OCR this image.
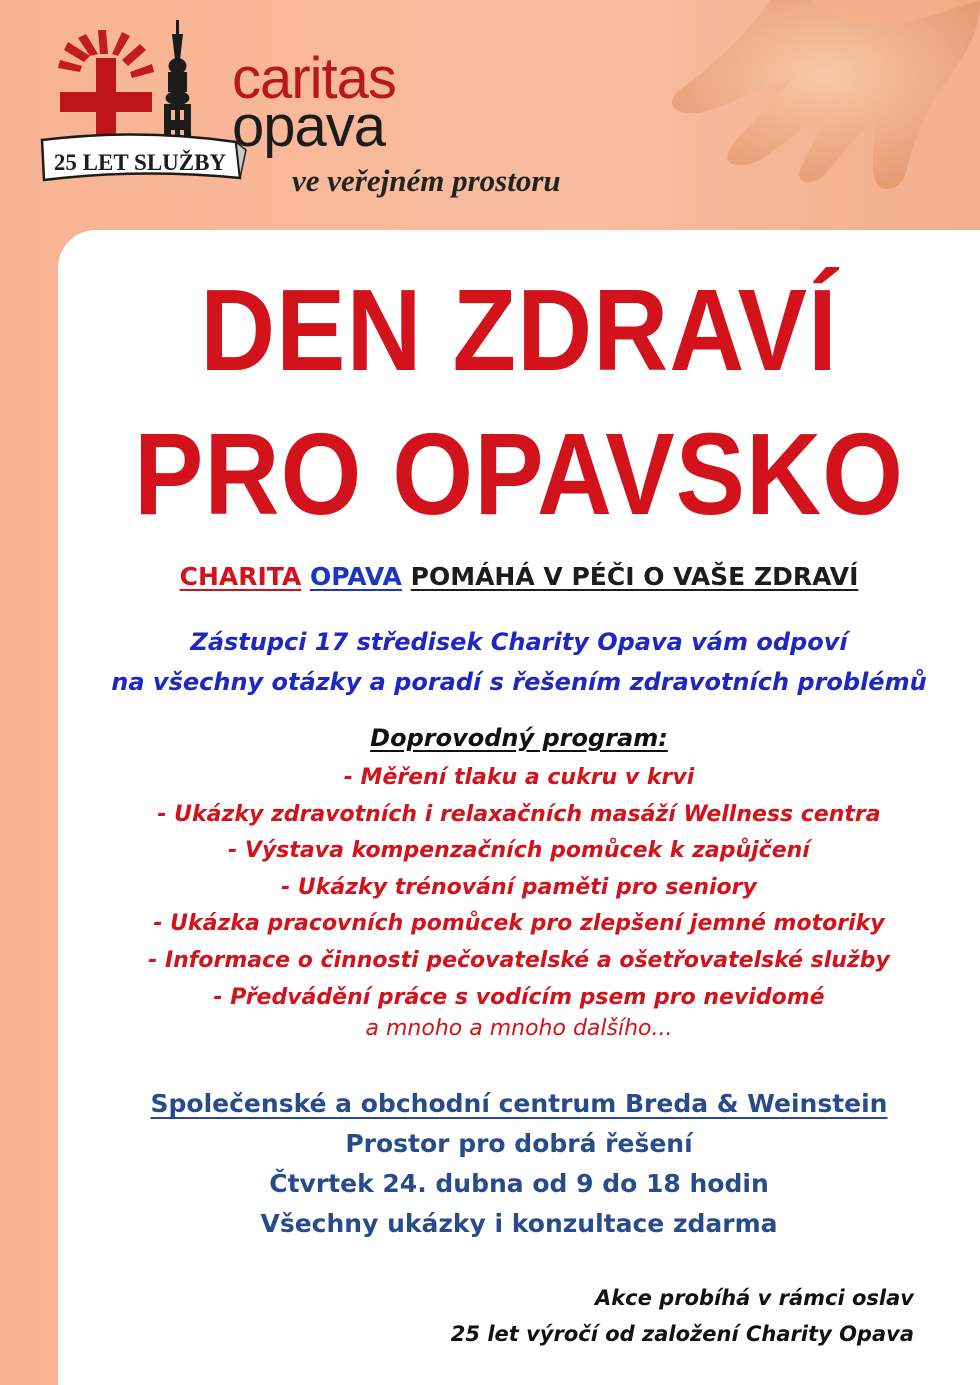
25 LET SLUŽBY
caritas
opava
ve veřejném prostoru
DEN ZDRAVÍ
PRO OPAVSKO
CHARITA OPAVA POMÁHÁ V PÉČI O VAŠE ZDRAVÍ
Zástupci 17 středisek Charity Opava vám odpoví
na všechny otázky a poradí s řešením zdravotních problémů
Doprovodný program:
- Měření tlaku a cukru v krvi
- Ukázky zdravotních i relaxačních masáží Wellness centra
- Výstava kompenzačních pomůcek k zapůjčení
- Ukázky trénování paměti pro seniory
- Ukázka pracovních pomůcek pro zlepšení jemné motoriky
- Informace o činnosti pečovatelské a ošetřovatelské služby
- Předvádění práce s vodícím psem pro nevidomé
a mnoho a mnoho dalšího...
Společenské a obchodní centrum Breda & Weinstein
Prostor pro dobrá řešení
Čtvrtek 24. dubna od 9 do 18 hodin
Všechny ukázky i konzultace zdarma
Akce probíhá v rámci oslav
25 let výročí od založení Charity Opava
